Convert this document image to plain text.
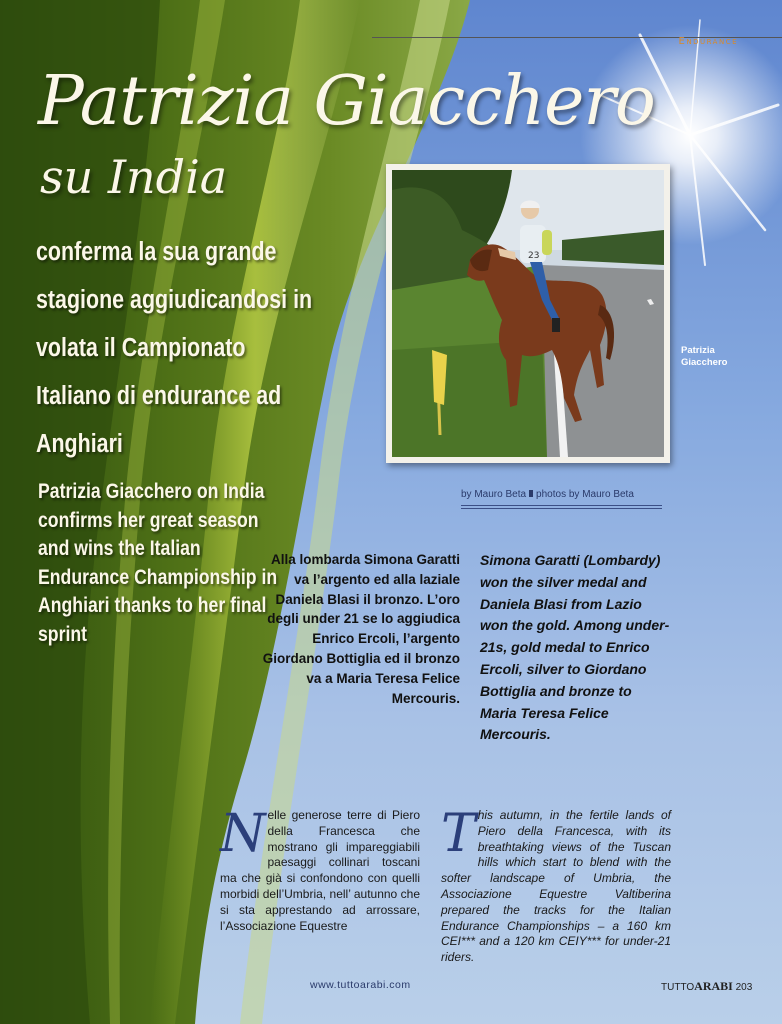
Endurance
Patrizia Giacchero
su India
conferma la sua grande stagione aggiudicandosi in volata il Campionato Italiano di endurance ad Anghiari
Patrizia Giacchero on India confirms her great season and wins the Italian Endurance Championship in Anghiari thanks to her final sprint
23
Patrizia
Giacchero
by Mauro Beta photos by Mauro Beta
Alla lombarda Simona Garatti va l’argento ed alla laziale Daniela Blasi il bronzo. L’oro degli under 21 se lo aggiudica Enrico Ercoli, l’argento Giordano Bottiglia ed il bronzo va a Maria Teresa Felice Mercouris.
Simona Garatti (Lombardy) won the silver medal and Daniela Blasi from Lazio won the gold. Among under-21s, gold medal to Enrico Ercoli, silver to Giordano Bottiglia and bronze to Maria Teresa Felice Mercouris.
Nelle generose terre di Piero della Francesca che mostrano gli impareggiabili paesaggi collinari toscani ma che già si confondono con quelli morbidi dell’Umbria, nell’ autunno che si sta apprestando ad arrossare, l’Associazione Equestre
This autumn, in the fertile lands of Piero della Francesca, with its breathtaking views of the Tuscan hills which start to blend with the softer landscape of Umbria, the Associazione Equestre Valtiberina prepared the tracks for the Italian Endurance Championships – a 160 km CEI*** and a 120 km CEIY*** for under-21 riders.
www.tuttoarabi.com	TUTTOARABI 203
